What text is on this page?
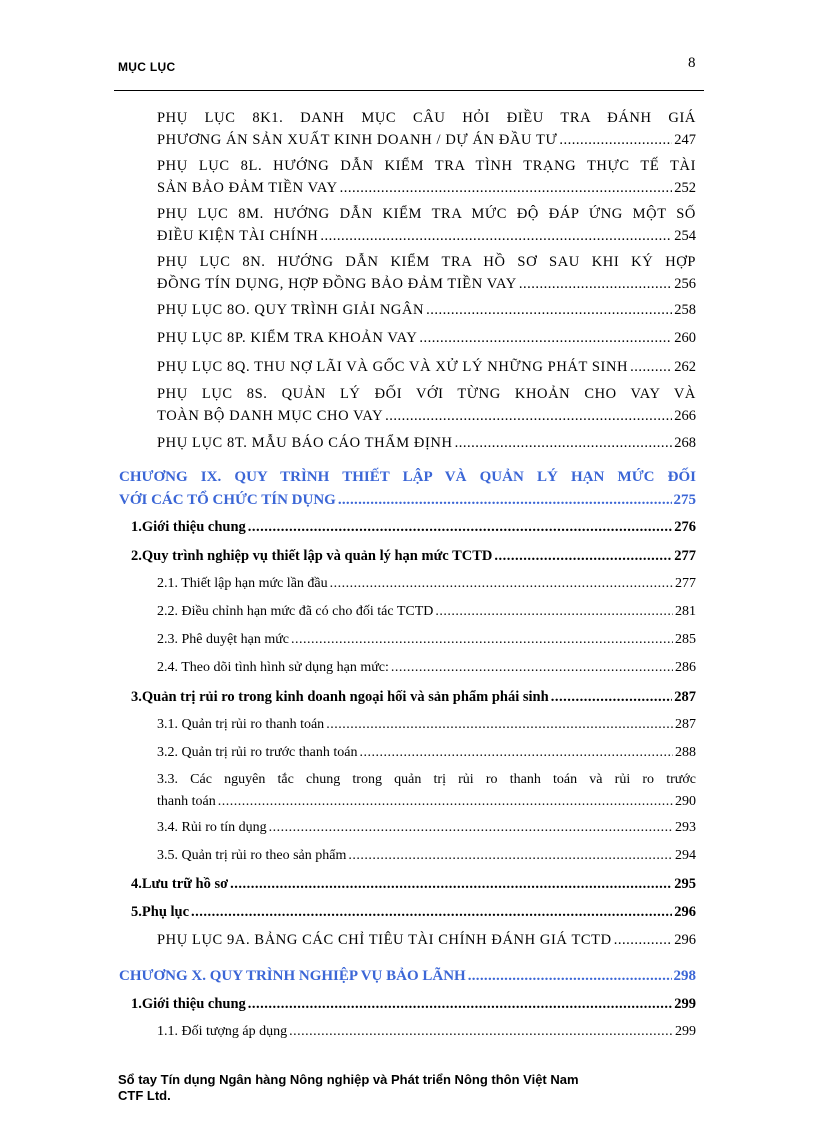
MỤC LỤC	8
PHỤ LỤC 8K1. DANH MỤC CÂU HỎI ĐIỀU TRA ĐÁNH GIÁ
PHƯƠNG ÁN SẢN XUẤT KINH DOANH / DỰ ÁN ĐẦU TƯ .....	247
PHỤ LỤC 8L. HƯỚNG DẪN KIỂM TRA TÌNH TRẠNG THỰC TẾ TÀI
SẢN BẢO ĐẢM TIỀN VAY .....	252
PHỤ LỤC 8M. HƯỚNG DẪN KIỂM TRA MỨC ĐỘ ĐÁP ỨNG MỘT SỐ
ĐIỀU KIỆN TÀI CHÍNH .....	254
PHỤ LỤC 8N. HƯỚNG DẪN KIỂM TRA HỒ SƠ SAU KHI KÝ HỢP
ĐỒNG TÍN DỤNG, HỢP ĐỒNG BẢO ĐẢM TIỀN VAY .....	256
PHỤ LỤC 8O. QUY TRÌNH GIẢI NGÂN .....	258
PHỤ LỤC 8P. KIỂM TRA KHOẢN VAY .....	260
PHỤ LỤC 8Q. THU NỢ LÃI VÀ GỐC VÀ XỬ LÝ NHỮNG PHÁT SINH .....	262
PHỤ LỤC 8S. QUẢN LÝ ĐỐI VỚI TỪNG KHOẢN CHO VAY VÀ
TOÀN BỘ DANH MỤC CHO VAY .....	266
PHỤ LỤC 8T. MẪU BÁO CÁO THẨM ĐỊNH .....	268
CHƯƠNG IX. QUY TRÌNH THIẾT LẬP VÀ QUẢN LÝ HẠN MỨC ĐỐI
VỚI CÁC TỔ CHỨC TÍN DỤNG .....	275
1. Giới thiệu chung .....	276
2. Quy trình nghiệp vụ thiết lập và quản lý hạn mức TCTD .....	277
2.1. Thiết lập hạn mức lần đầu .....	277
2.2. Điều chỉnh hạn mức đã có cho đối tác TCTD .....	281
2.3. Phê duyệt hạn mức .....	285
2.4. Theo dõi tình hình sử dụng hạn mức: .....	286
3. Quản trị rủi ro trong kinh doanh ngoại hối và sản phẩm phái sinh .....	287
3.1. Quản trị rủi ro thanh toán .....	287
3.2. Quản trị rủi ro trước thanh toán .....	288
3.3. Các nguyên tắc chung trong quản trị rủi ro thanh toán và rủi ro trước
thanh toán .....	290
3.4. Rủi ro tín dụng .....	293
3.5. Quản trị rủi ro theo sản phẩm .....	294
4. Lưu trữ hồ sơ .....	295
5. Phụ lục .....	296
PHỤ LỤC 9A. BẢNG CÁC CHỈ TIÊU TÀI CHÍNH ĐÁNH GIÁ TCTD .....	296
CHƯƠNG X. QUY TRÌNH NGHIỆP VỤ BẢO LÃNH .....	298
1. Giới thiệu chung .....	299
1.1. Đối tượng áp dụng .....	299
Sổ tay Tín dụng Ngân hàng Nông nghiệp và Phát triển Nông thôn Việt Nam
CTF Ltd.
